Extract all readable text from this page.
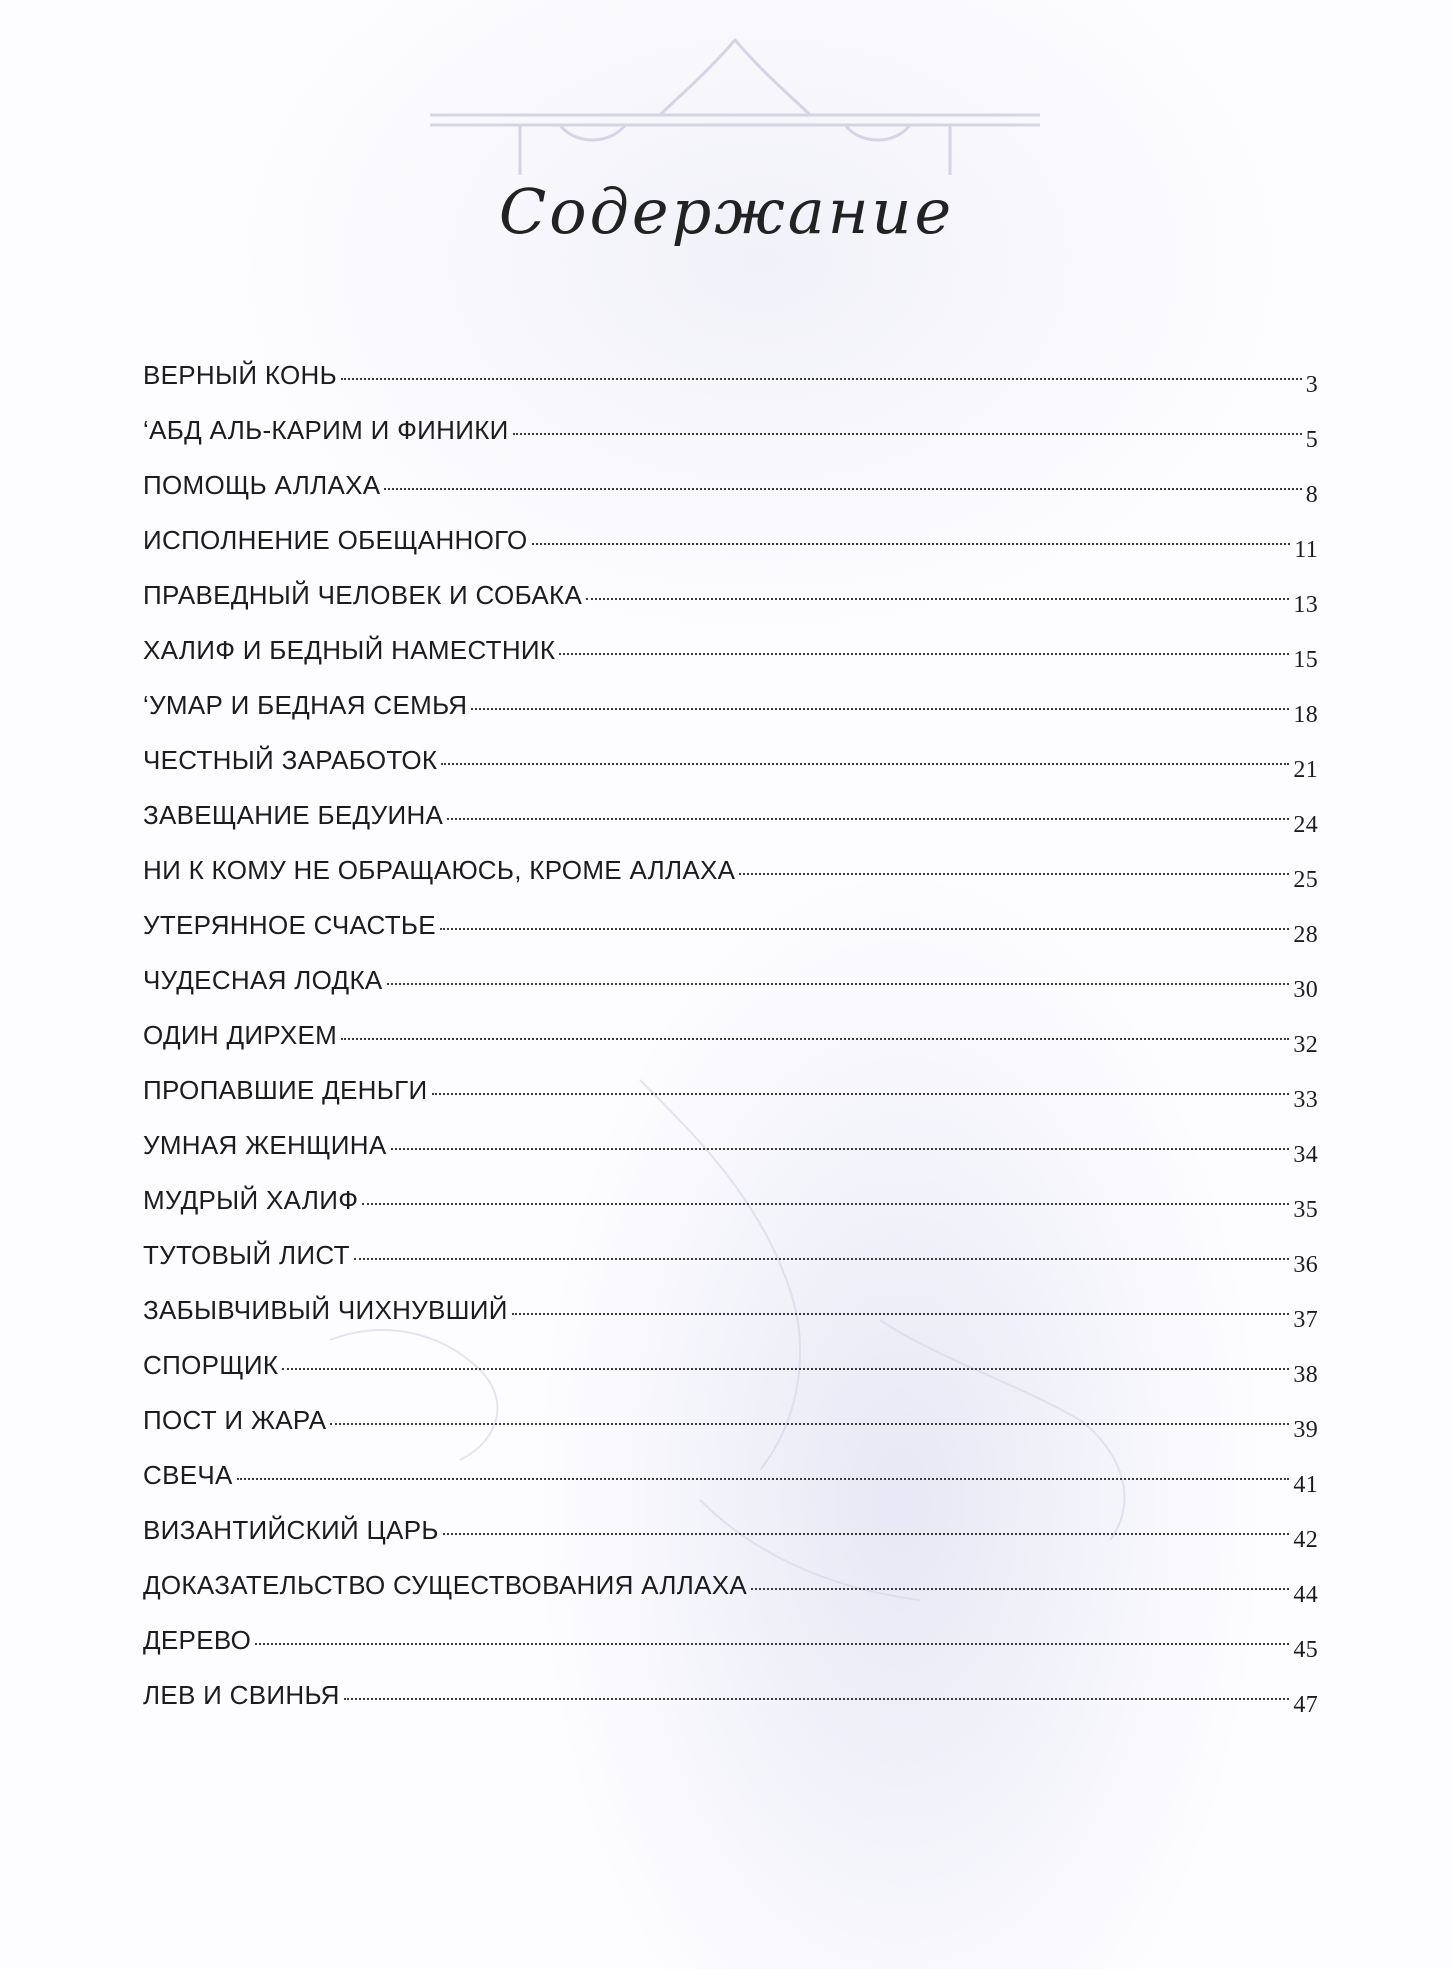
Содержание
ВЕРНЫЙ КОНЬ	3
‘АБД АЛЬ-КАРИМ И ФИНИКИ	5
ПОМОЩЬ АЛЛАХА	8
ИСПОЛНЕНИЕ ОБЕЩАННОГО	11
ПРАВЕДНЫЙ ЧЕЛОВЕК И СОБАКА	13
ХАЛИФ И БЕДНЫЙ НАМЕСТНИК	15
‘УМАР И БЕДНАЯ СЕМЬЯ	18
ЧЕСТНЫЙ ЗАРАБОТОК	21
ЗАВЕЩАНИЕ БЕДУИНА	24
НИ К КОМУ НЕ ОБРАЩАЮСЬ, КРОМЕ АЛЛАХА	25
УТЕРЯННОЕ СЧАСТЬЕ	28
ЧУДЕСНАЯ ЛОДКА	30
ОДИН ДИРХЕМ	32
ПРОПАВШИЕ ДЕНЬГИ	33
УМНАЯ ЖЕНЩИНА	34
МУДРЫЙ ХАЛИФ	35
ТУТОВЫЙ ЛИСТ	36
ЗАБЫВЧИВЫЙ ЧИХНУВШИЙ	37
СПОРЩИК	38
ПОСТ И ЖАРА	39
СВЕЧА	41
ВИЗАНТИЙСКИЙ ЦАРЬ	42
ДОКАЗАТЕЛЬСТВО СУЩЕСТВОВАНИЯ АЛЛАХА	44
ДЕРЕВО	45
ЛЕВ И СВИНЬЯ	47
